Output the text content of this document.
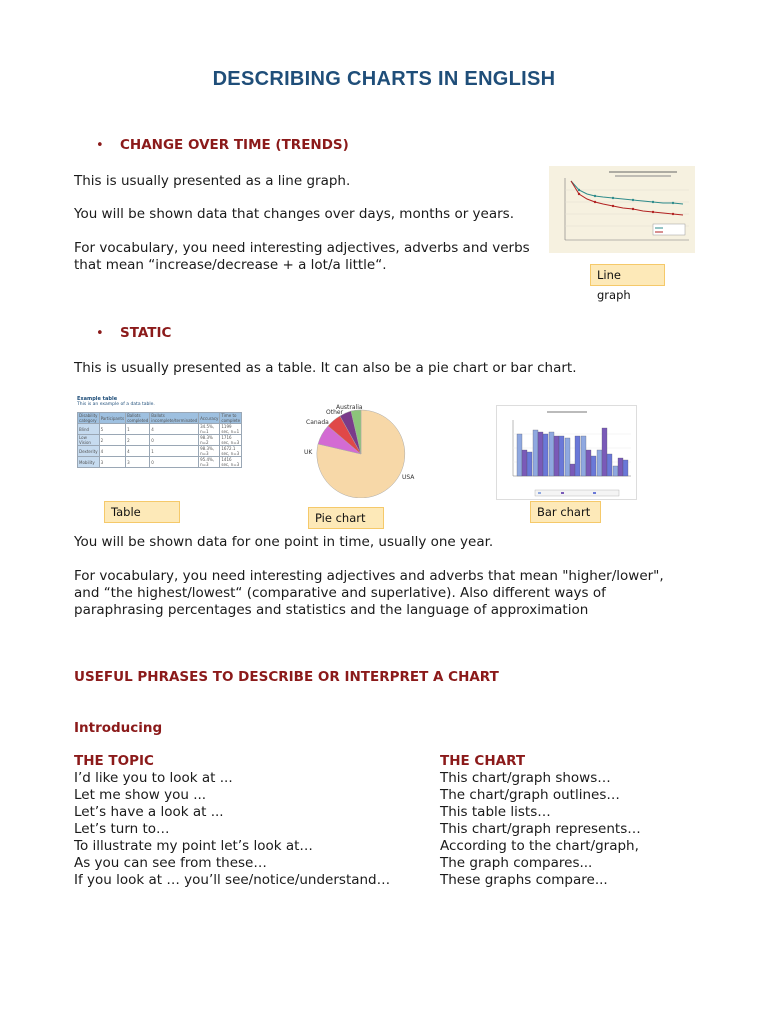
DESCRIBING CHARTS IN ENGLISH
• CHANGE OVER TIME (TRENDS)
This is usually presented as a line graph.
You will be shown data that changes over days, months or years.
For vocabulary, you need interesting adjectives, adverbs and verbs
that mean “increase/decrease + a lot/a little“.
Line graph
• STATIC
This is usually presented as a table. It can also be a pie chart or bar chart.
Example table
This is an example of a data table.
Disability category	Participants	Ballots completed	Ballots incomplete/terminated	Accuracy	Time to complete
Blind	5	1	4	34.5%, n=1	1199 sec, n=1
Low Vision	2	2	0	98.3% n=2	1716 sec, n=3
Dexterity	4	4	1	98.3%, n=3	1672.1 sec, n=3
Mobility	3	3	0	95.4%, n=3	1416 sec, n=3
Table
Australia
Other
Canada
UK
USA
Pie chart	Bar chart
You will be shown data for one point in time, usually one year.
For vocabulary, you need interesting adjectives and adverbs that mean "higher/lower",
and “the highest/lowest“ (comparative and superlative). Also different ways of
paraphrasing percentages and statistics and the language of approximation
USEFUL PHRASES TO DESCRIBE OR INTERPRET A CHART
Introducing
THE TOPIC
I’d like you to look at ...
Let me show you ...
Let’s have a look at ...
Let’s turn to…
To illustrate my point let’s look at…
As you can see from these…
If you look at … you’ll see/notice/understand…
THE CHART
This chart/graph shows…
The chart/graph outlines…
This table lists…
This chart/graph represents…
According to the chart/graph,
The graph compares...
These graphs compare...
